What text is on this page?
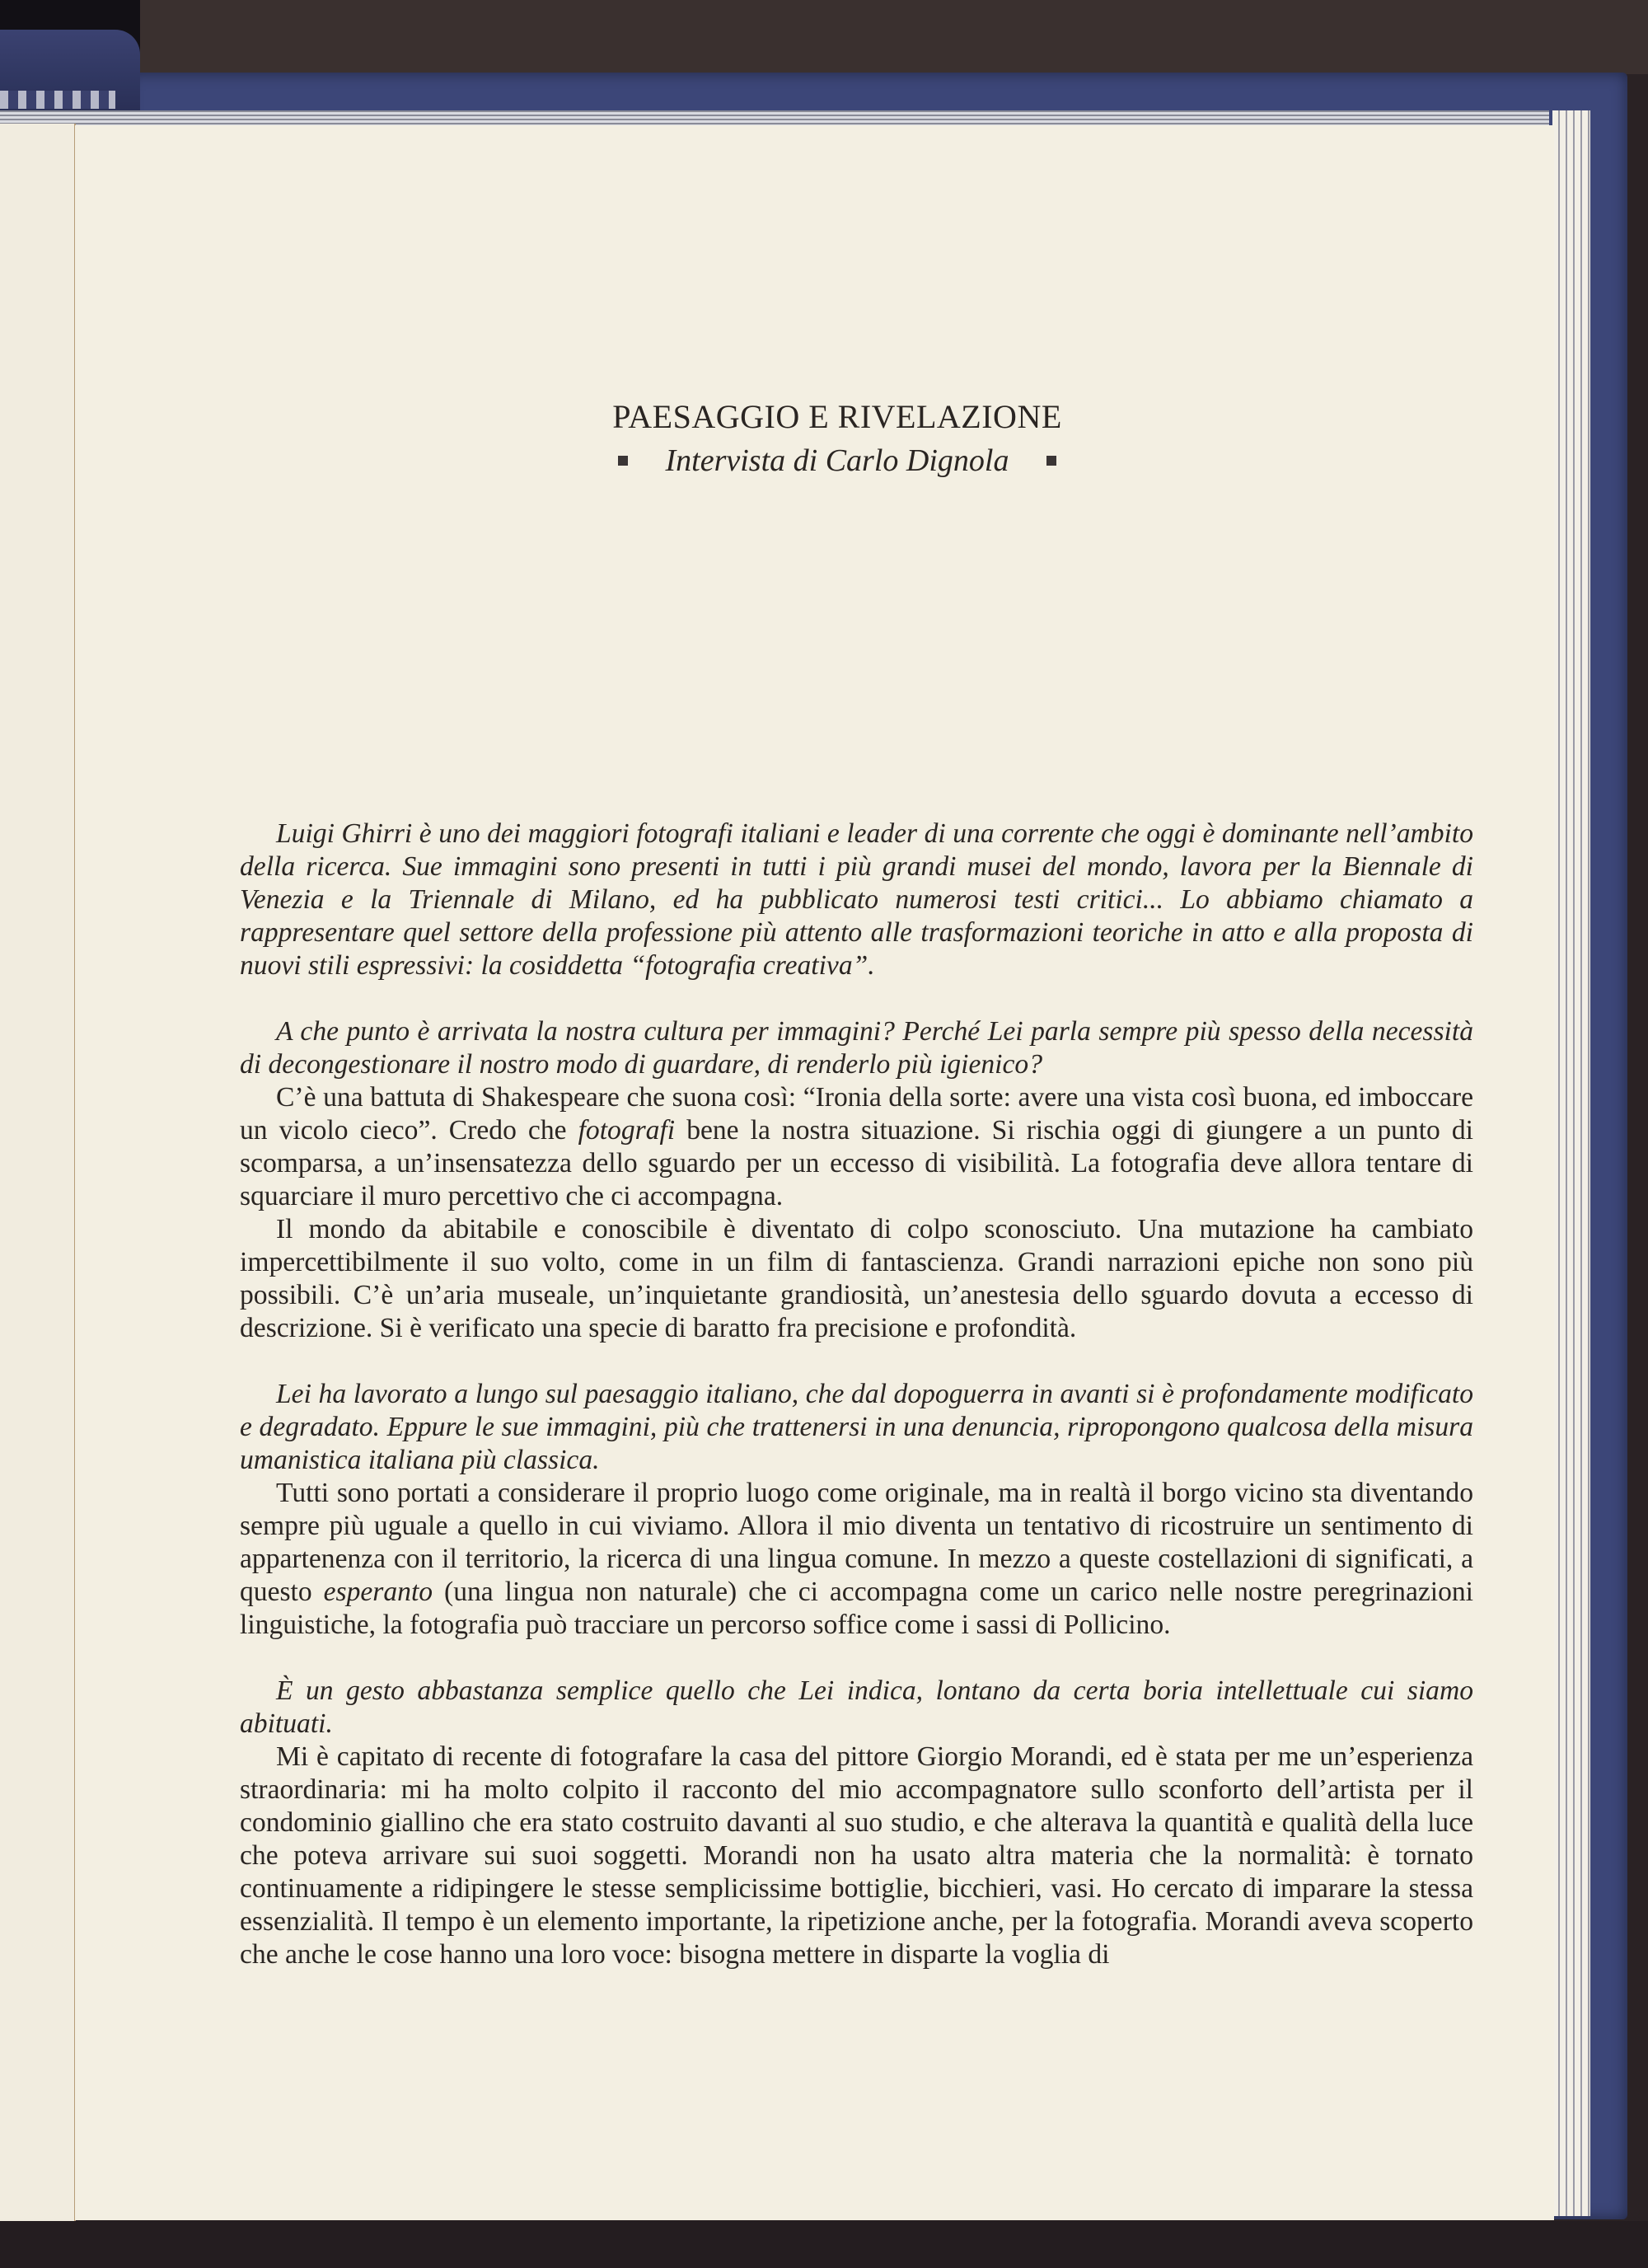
PAESAGGIO E RIVELAZIONE
Intervista di Carlo Dignola

Luigi Ghirri è uno dei maggiori fotografi italiani e leader di una corrente che oggi è dominante nell’ambito della ricerca. Sue immagini sono presenti in tutti i più grandi musei del mondo, lavora per la Biennale di Venezia e la Triennale di Milano, ed ha pubblicato numerosi testi critici... Lo abbiamo chiamato a rappresentare quel settore della professione più attento alle trasformazioni teoriche in atto e alla proposta di nuovi stili espressivi: la cosiddetta “fotografia creativa”.

A che punto è arrivata la nostra cultura per immagini? Perché Lei parla sempre più spesso della necessità di decongestionare il nostro modo di guardare, di renderlo più igienico?

C’è una battuta di Shakespeare che suona così: “Ironia della sorte: avere una vista così buona, ed imboccare un vicolo cieco”. Credo che fotografi bene la nostra situazione. Si rischia oggi di giungere a un punto di scomparsa, a un’insensatezza dello sguardo per un eccesso di visibilità. La fotografia deve allora tentare di squarciare il muro percettivo che ci accompagna.

Il mondo da abitabile e conoscibile è diventato di colpo sconosciuto. Una mutazione ha cambiato impercettibilmente il suo volto, come in un film di fantascienza. Grandi narrazioni epiche non sono più possibili. C’è un’aria museale, un’inquietante grandiosità, un’anestesia dello sguardo dovuta a eccesso di descrizione. Si è verificato una specie di baratto fra precisione e profondità.

Lei ha lavorato a lungo sul paesaggio italiano, che dal dopoguerra in avanti si è profondamente modificato e degradato. Eppure le sue immagini, più che trattenersi in una denuncia, ripropongono qualcosa della misura umanistica italiana più classica.

Tutti sono portati a considerare il proprio luogo come originale, ma in realtà il borgo vicino sta diventando sempre più uguale a quello in cui viviamo. Allora il mio diventa un tentativo di ricostruire un sentimento di appartenenza con il territorio, la ricerca di una lingua comune. In mezzo a queste costellazioni di significati, a questo esperanto (una lingua non naturale) che ci accompagna come un carico nelle nostre peregrinazioni linguistiche, la fotografia può tracciare un percorso soffice come i sassi di Pollicino.

È un gesto abbastanza semplice quello che Lei indica, lontano da certa boria intellettuale cui siamo abituati.

Mi è capitato di recente di fotografare la casa del pittore Giorgio Morandi, ed è stata per me un’esperienza straordinaria: mi ha molto colpito il racconto del mio accompagnatore sullo sconforto dell’artista per il condominio giallino che era stato costruito davanti al suo studio, e che alterava la quantità e qualità della luce che poteva arrivare sui suoi soggetti. Morandi non ha usato altra materia che la normalità: è tornato continuamente a ridipingere le stesse semplicissime bottiglie, bicchieri, vasi. Ho cercato di imparare la stessa essenzialità. Il tempo è un elemento importante, la ripetizione anche, per la fotografia. Morandi aveva scoperto che anche le cose hanno una loro voce: bisogna mettere in disparte la voglia di
